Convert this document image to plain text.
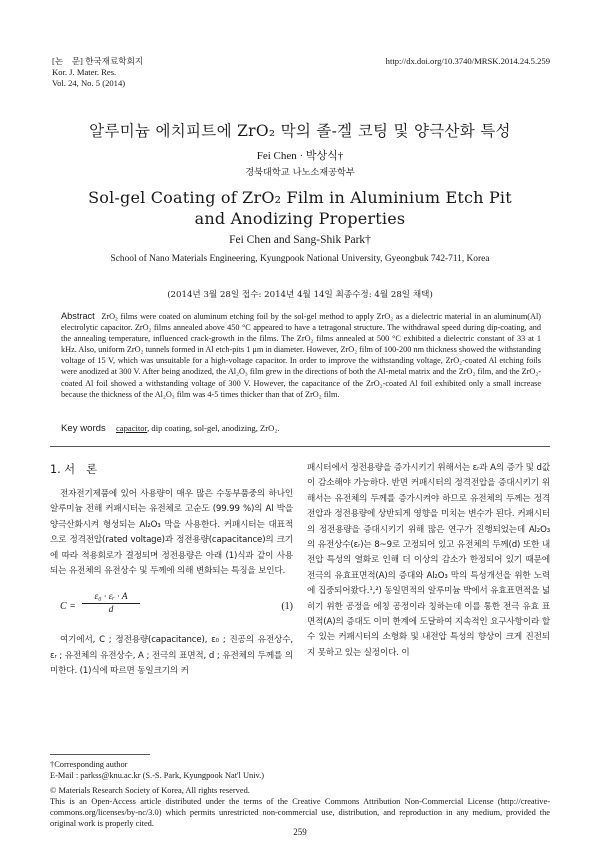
[논　문] 한국재료학회지
Kor. J. Mater. Res.
Vol. 24, No. 5 (2014)
http://dx.doi.org/10.3740/MRSK.2014.24.5.259
알루미늄 에치피트에 ZrO₂ 막의 졸-겔 코팅 및 양극산화 특성
Fei Chen · 박상식†
경북대학교 나노소재공학부
Sol-gel Coating of ZrO₂ Film in Aluminium Etch Pit
and Anodizing Properties
Fei Chen and Sang-Shik Park†
School of Nano Materials Engineering, Kyungpook National University, Gyeongbuk 742-711, Korea
(2014년 3월 28일 접수: 2014년 4월 14일 최종수정: 4월 28일 채택)
Abstract ZrO₂ films were coated on aluminum etching foil by the sol-gel method to apply ZrO₂ as a dielectric material in an aluminum(Al) electrolytic capacitor. ZrO₂ films annealed above 450 °C appeared to have a tetragonal structure. The withdrawal speed during dip-coating, and the annealing temperature, influenced crack-growth in the films. The ZrO₂ films annealed at 500 °C exhibited a dielectric constant of 33 at 1 kHz. Also, uniform ZrO₂ tunnels formed in Al etch-pits 1 μm in diameter. However, ZrO₂ film of 100-200 nm thickness showed the withstanding voltage of 15 V, which was unsuitable for a high-voltage capacitor. In order to improve the withstanding voltage, ZrO₂-coated Al etching foils were anodized at 300 V. After being anodized, the Al₂O₃ film grew in the directions of both the Al-metal matrix and the ZrO₂ film, and the ZrO₂-coated Al foil showed a withstanding voltage of 300 V. However, the capacitance of the ZrO₂-coated Al foil exhibited only a small increase because the thickness of the Al₂O₃ film was 4-5 times thicker than that of ZrO₂ film.
Key words capacitor, dip coating, sol-gel, anodizing, ZrO₂.
1. 서　론

전자전기제품에 있어 사용량이 매우 많은 수동부품중의 하나인 알루미늄 전해 커패시터는 유전체로 고순도 (99.99 %)의 Al 박을 양극산화시켜 형성되는 Al₂O₃ 막을 사용한다. 커패시터는 대표적으로 정격전압(rated voltage)과 정전용량(capacitance)의 크기에 따라 적용회로가 결정되며 정전용량은 아래 (1)식과 같이 사용되는 유전체의 유전상수 및 두께에 의해 변화되는 특징을 보인다.

C =
ε₀ · εᵣ · A
d	(1)

여기에서, C ; 정전용량(capacitance), ε₀ ; 진공의 유전상수, εᵣ ; 유전체의 유전상수, A ; 전극의 표면적, d ; 유전체의 두께를 의미한다. (1)식에 따르면 동일크기의 커

패시터에서 정전용량을 증가시키기 위해서는 εᵣ과 A의 증가 및 d값이 감소해야 가능하다. 반면 커패시터의 정격전압을 증대시키기 위해서는 유전체의 두께를 증가시켜야 하므로 유전체의 두께는 정격전압과 정전용량에 상반되게 영향을 미치는 변수가 된다. 커패시터의 정전용량을 증대시키기 위해 많은 연구가 진행되었는데 Al₂O₃의 유전상수(εᵣ)는 8~9로 고정되어 있고 유전체의 두께(d) 또한 내전압 특성의 열화로 인해 더 이상의 감소가 한정되어 있기 때문에 전극의 유효표면적(A)의 증대와 Al₂O₃ 막의 특성개선을 위한 노력에 집중되어왔다.¹,²) 동일면적의 알루미늄 박에서 유효표면적을 넓히기 위한 공정을 에칭 공정이라 칭하는데 이를 통한 전극 유효 표면적(A)의 증대도 이미 한계에 도달하여 지속적인 요구사항이라 할 수 있는 커패시터의 소형화 및 내전압 특성의 향상이 크게 진전되지 못하고 있는 실정이다. 이

†Corresponding author
E-Mail : parkss@knu.ac.kr (S.-S. Park, Kyungpook Nat'l Univ.)
© Materials Research Society of Korea, All rights reserved.
This is an Open-Access article distributed under the terms of the Creative Commons Attribution Non-Commercial License (http://creative-commons.org/licenses/by-nc/3.0) which permits unrestricted non-commercial use, distribution, and reproduction in any medium, provided the original work is properly cited.
259
